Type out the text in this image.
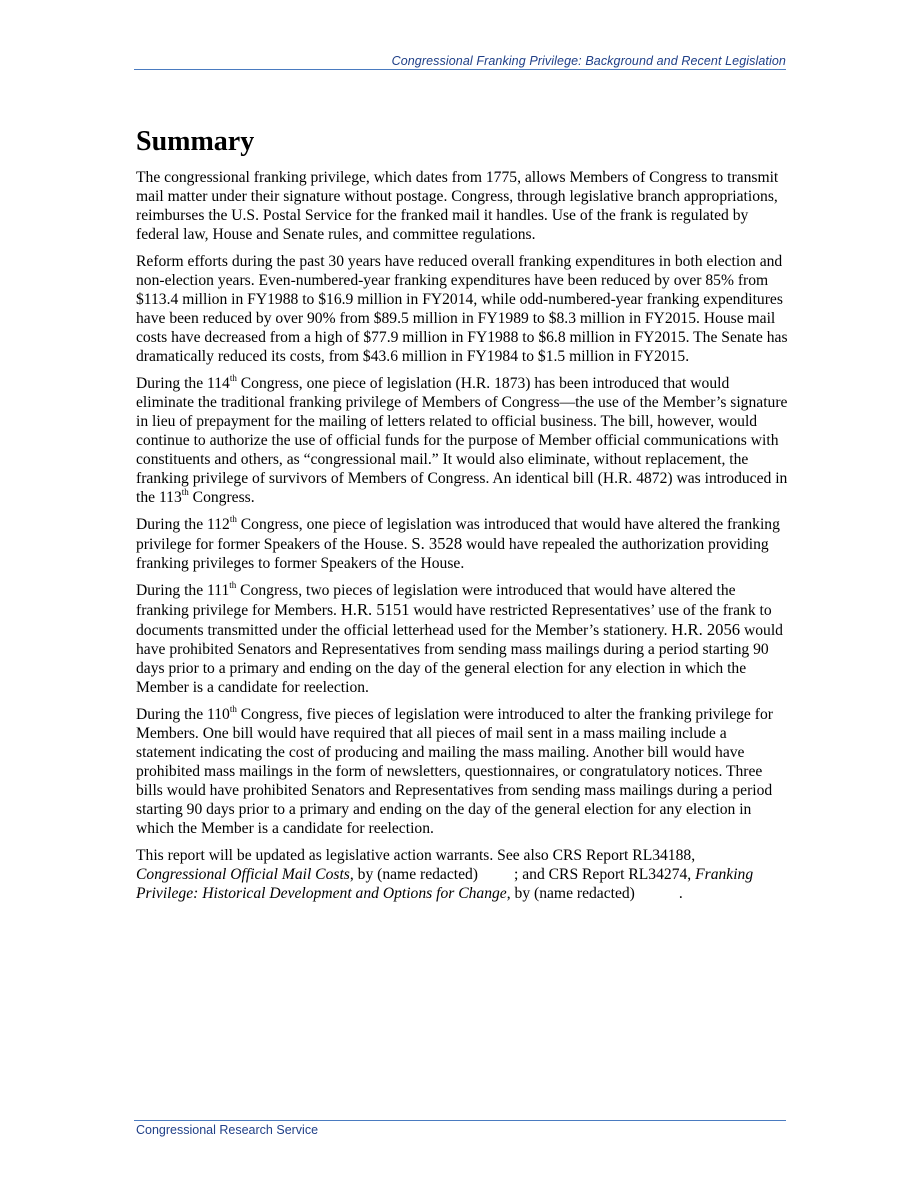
Congressional Franking Privilege: Background and Recent Legislation
Summary

The congressional franking privilege, which dates from 1775, allows Members of Congress to transmit mail matter under their signature without postage. Congress, through legislative branch appropriations, reimburses the U.S. Postal Service for the franked mail it handles. Use of the frank is regulated by federal law, House and Senate rules, and committee regulations.

Reform efforts during the past 30 years have reduced overall franking expenditures in both election and non-election years. Even-numbered-year franking expenditures have been reduced by over 85% from $113.4 million in FY1988 to $16.9 million in FY2014, while odd-numbered-year franking expenditures have been reduced by over 90% from $89.5 million in FY1989 to $8.3 million in FY2015. House mail costs have decreased from a high of $77.9 million in FY1988 to $6.8 million in FY2015. The Senate has dramatically reduced its costs, from $43.6 million in FY1984 to $1.5 million in FY2015.

During the 114th Congress, one piece of legislation (H.R. 1873) has been introduced that would eliminate the traditional franking privilege of Members of Congress—the use of the Member’s signature in lieu of prepayment for the mailing of letters related to official business. The bill, however, would continue to authorize the use of official funds for the purpose of Member official communications with constituents and others, as “congressional mail.” It would also eliminate, without replacement, the franking privilege of survivors of Members of Congress. An identical bill (H.R. 4872) was introduced in the 113th Congress.

During the 112th Congress, one piece of legislation was introduced that would have altered the franking privilege for former Speakers of the House. S. 3528 would have repealed the authorization providing franking privileges to former Speakers of the House.

During the 111th Congress, two pieces of legislation were introduced that would have altered the franking privilege for Members. H.R. 5151 would have restricted Representatives’ use of the frank to documents transmitted under the official letterhead used for the Member’s stationery. H.R. 2056 would have prohibited Senators and Representatives from sending mass mailings during a period starting 90 days prior to a primary and ending on the day of the general election for any election in which the Member is a candidate for reelection.

During the 110th Congress, five pieces of legislation were introduced to alter the franking privilege for Members. One bill would have required that all pieces of mail sent in a mass mailing include a statement indicating the cost of producing and mailing the mass mailing. Another bill would have prohibited mass mailings in the form of newsletters, questionnaires, or congratulatory notices. Three bills would have prohibited Senators and Representatives from sending mass mailings during a period starting 90 days prior to a primary and ending on the day of the general election for any election in which the Member is a candidate for reelection.

This report will be updated as legislative action warrants. See also CRS Report RL34188, Congressional Official Mail Costs, by (name redacted) ; and CRS Report RL34274, Franking Privilege: Historical Development and Options for Change, by (name redacted)	.

Congressional Research Service
